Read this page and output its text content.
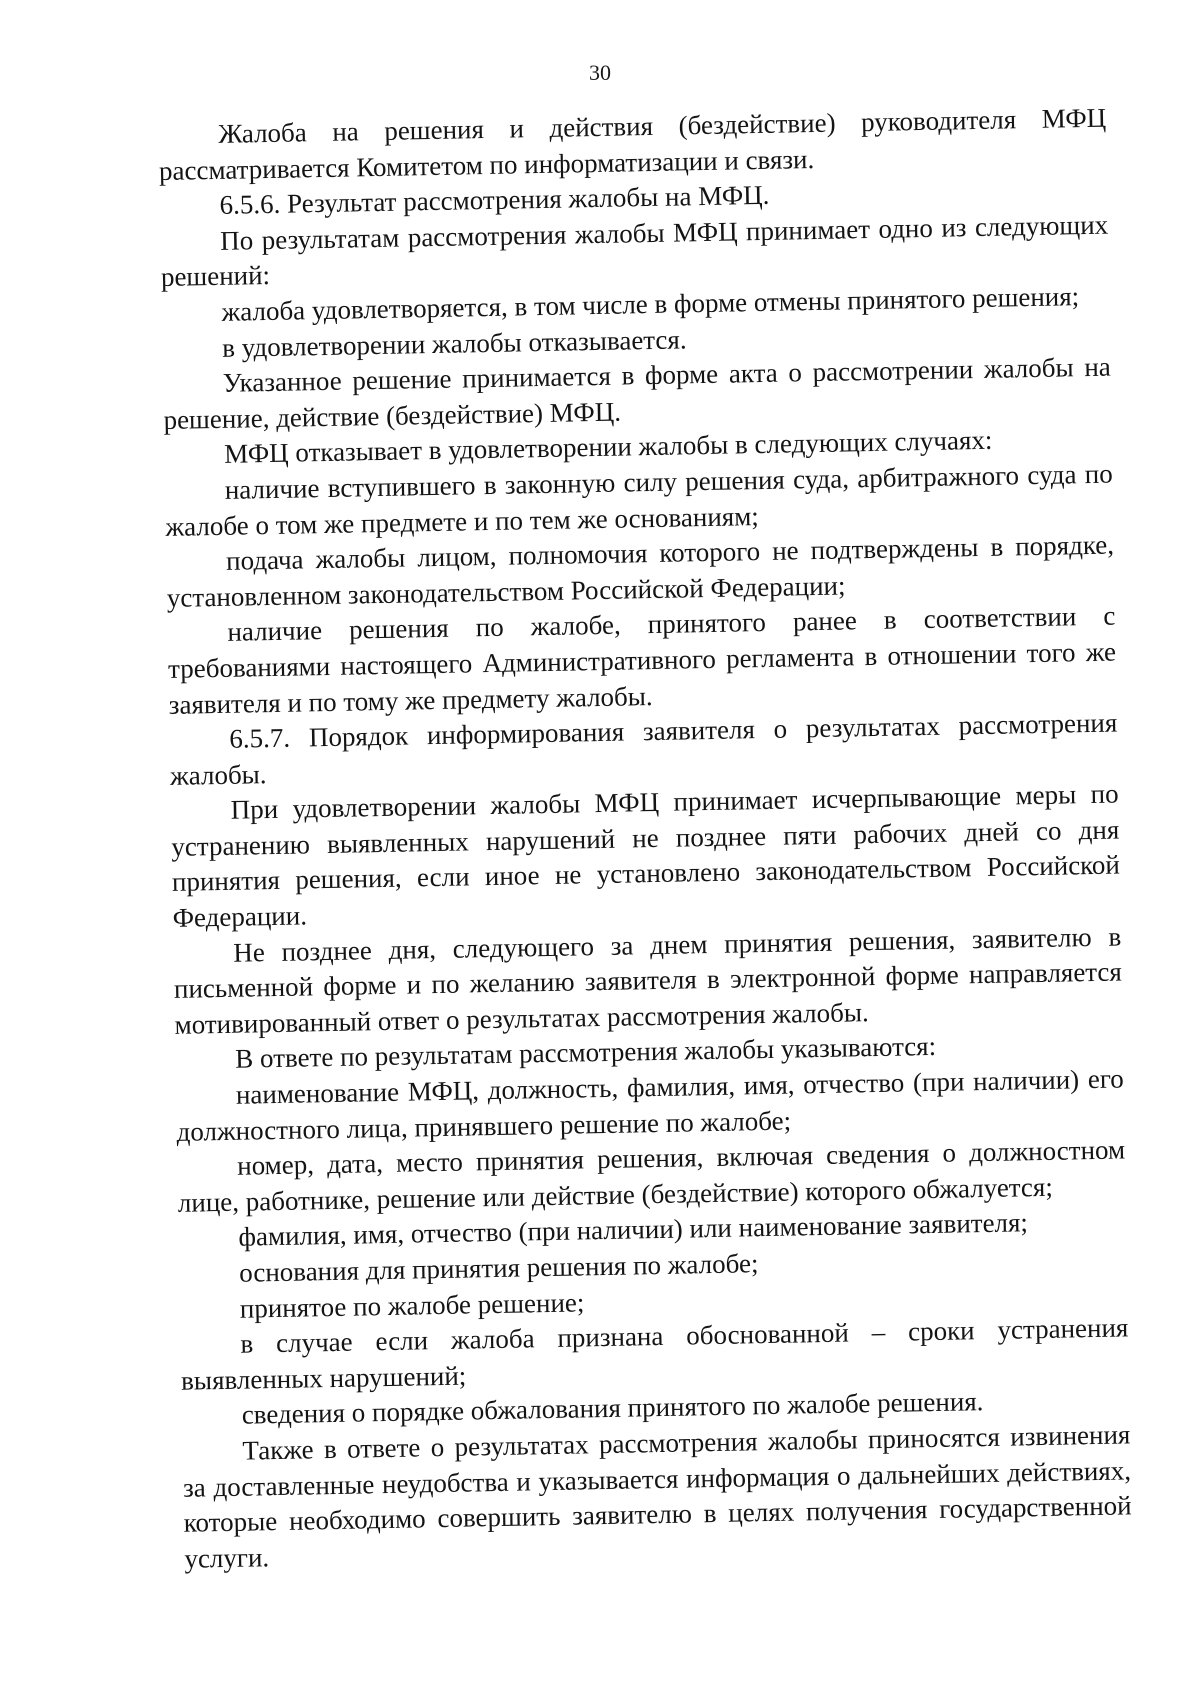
30

Жалоба на решения и действия (бездействие) руководителя МФЦ рассматривается Комитетом по информатизации и связи.

6.5.6. Результат рассмотрения жалобы на МФЦ.

По результатам рассмотрения жалобы МФЦ принимает одно из следующих решений:

жалоба удовлетворяется, в том числе в форме отмены принятого решения;

в удовлетворении жалобы отказывается.

Указанное решение принимается в форме акта о рассмотрении жалобы на решение, действие (бездействие) МФЦ.

МФЦ отказывает в удовлетворении жалобы в следующих случаях:

наличие вступившего в законную силу решения суда, арбитражного суда по жалобе о том же предмете и по тем же основаниям;

подача жалобы лицом, полномочия которого не подтверждены в порядке, установленном законодательством Российской Федерации;

наличие решения по жалобе, принятого ранее в соответствии с требованиями настоящего Административного регламента в отношении того же заявителя и по тому же предмету жалобы.

6.5.7. Порядок информирования заявителя о результатах рассмотрения жалобы.

При удовлетворении жалобы МФЦ принимает исчерпывающие меры по устранению выявленных нарушений не позднее пяти рабочих дней со дня принятия решения, если иное не установлено законодательством Российской Федерации.

Не позднее дня, следующего за днем принятия решения, заявителю в письменной форме и по желанию заявителя в электронной форме направляется мотивированный ответ о результатах рассмотрения жалобы.

В ответе по результатам рассмотрения жалобы указываются:

наименование МФЦ, должность, фамилия, имя, отчество (при наличии) его должностного лица, принявшего решение по жалобе;

номер, дата, место принятия решения, включая сведения о должностном лице, работнике, решение или действие (бездействие) которого обжалуется;

фамилия, имя, отчество (при наличии) или наименование заявителя;

основания для принятия решения по жалобе;

принятое по жалобе решение;

в случае если жалоба признана обоснованной – сроки устранения выявленных нарушений;

сведения о порядке обжалования принятого по жалобе решения.

Также в ответе о результатах рассмотрения жалобы приносятся извинения за доставленные неудобства и указывается информация о дальнейших действиях, которые необходимо совершить заявителю в целях получения государственной услуги.
